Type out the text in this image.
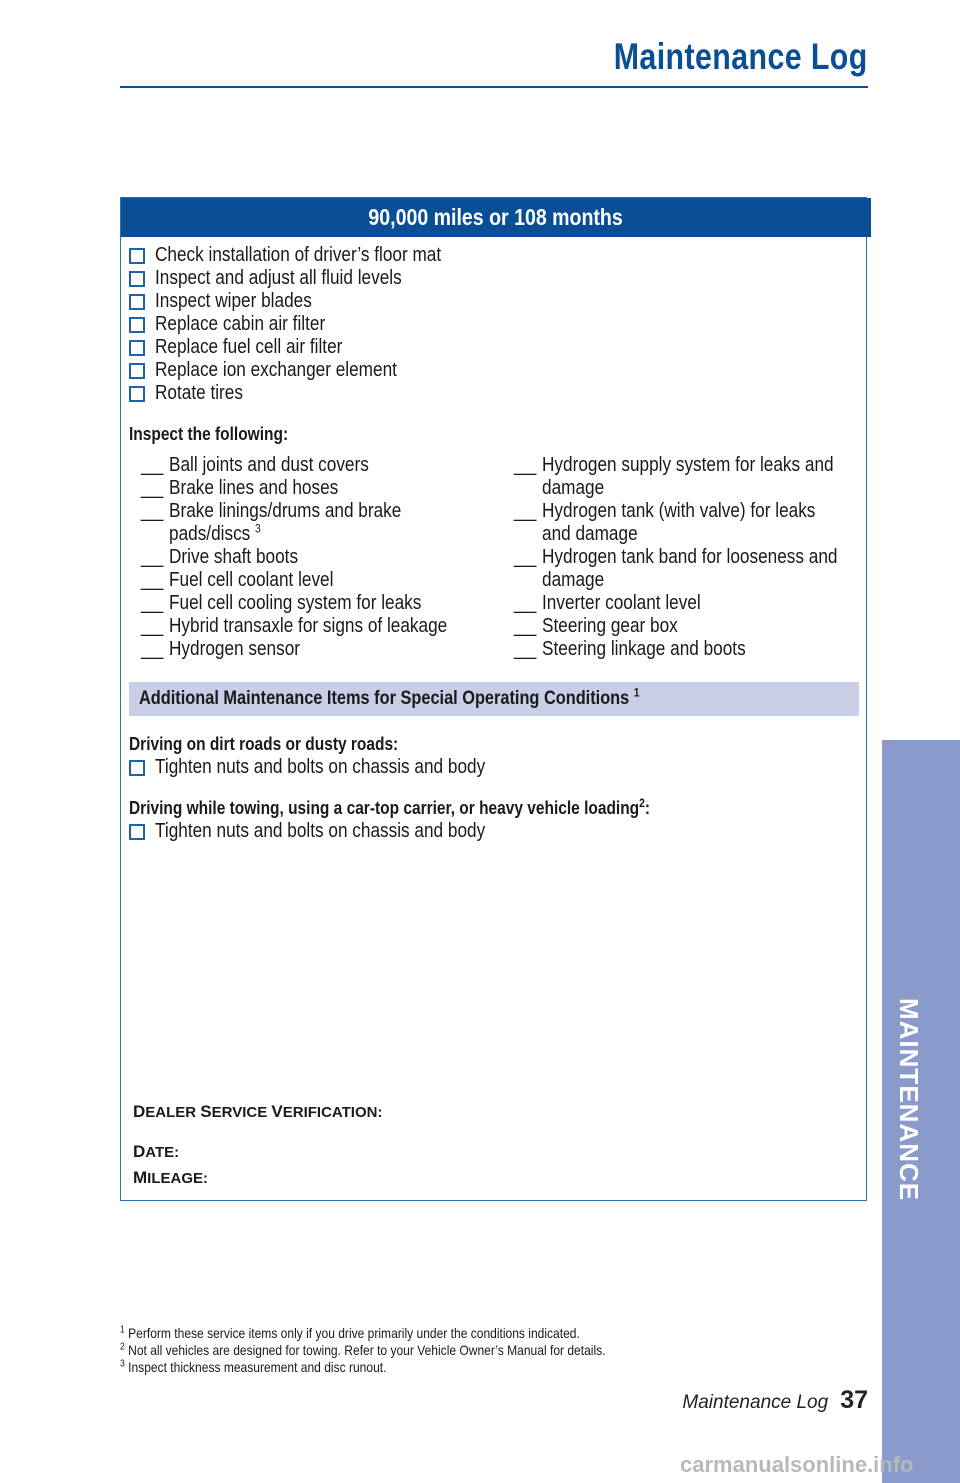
Maintenance Log
90,000 miles or 108 months
Check installation of driver’s floor mat
Inspect and adjust all fluid levels
Inspect wiper blades
Replace cabin air filter
Replace fuel cell air filter
Replace ion exchanger element
Rotate tires
Inspect the following:
__ Ball joints and dust covers
__ Brake lines and hoses
__ Brake linings/drums and brake
pads/discs $^3$
__ Drive shaft boots
__ Fuel cell coolant level
__ Fuel cell cooling system for leaks
__ Hybrid transaxle for signs of leakage
__ Hydrogen sensor
__ Hydrogen supply system for leaks and
damage
__ Hydrogen tank (with valve) for leaks
and damage
__ Hydrogen tank band for looseness and
damage
__ Inverter coolant level
__ Steering gear box
__ Steering linkage and boots
Additional Maintenance Items for Special Operating Conditions $^1$
Driving on dirt roads or dusty roads:
Tighten nuts and bolts on chassis and body
Driving while towing, using a car-top carrier, or heavy vehicle loading$^2$:
Tighten nuts and bolts on chassis and body
DEALER SERVICE VERIFICATION:
DATE:
MILEAGE:
$^1$ Perform these service items only if you drive primarily under the conditions indicated.
$^2$ Not all vehicles are designed for towing. Refer to your Vehicle Owner’s Manual for details.
$^3$ Inspect thickness measurement and disc runout.
Maintenance Log 37
MAINTENANCE
carmanualsonline.info
